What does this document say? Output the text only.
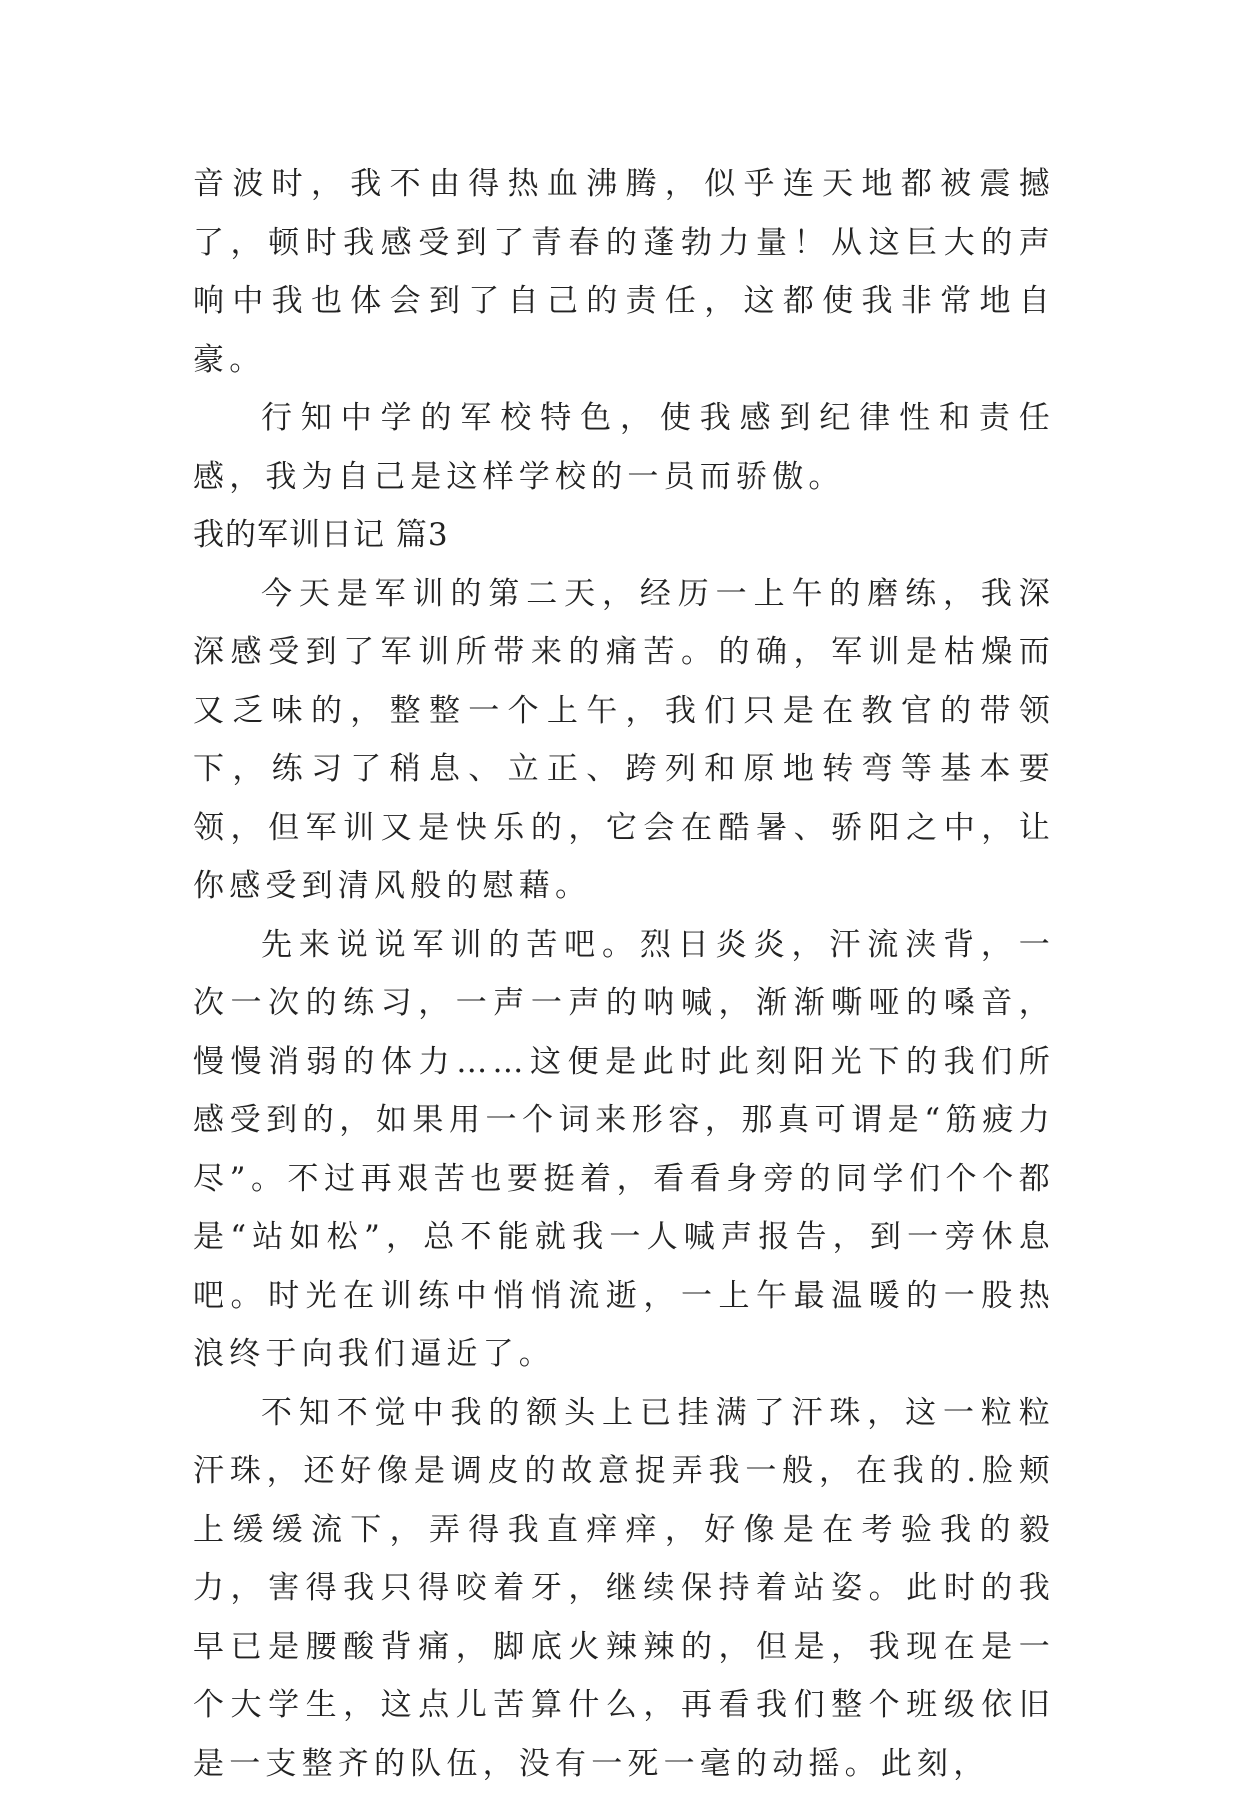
音波时，我不由得热血沸腾，似乎连天地都被震撼了，顿时我感受到了青春的蓬勃力量！从这巨大的声响中我也体会到了自己的责任，这都使我非常地自豪。

行知中学的军校特色，使我感到纪律性和责任感，我为自己是这样学校的一员而骄傲。

我的军训日记 篇3

今天是军训的第二天，经历一上午的磨练，我深深感受到了军训所带来的痛苦。的确，军训是枯燥而又乏味的，整整一个上午，我们只是在教官的带领下，练习了稍息、立正、跨列和原地转弯等基本要领，但军训又是快乐的，它会在酷暑、骄阳之中，让你感受到清风般的慰藉。

先来说说军训的苦吧。烈日炎炎，汗流浃背，一次一次的练习，一声一声的呐喊，渐渐嘶哑的嗓音，慢慢消弱的体力……这便是此时此刻阳光下的我们所感受到的，如果用一个词来形容，那真可谓是“筋疲力尽”。不过再艰苦也要挺着，看看身旁的同学们个个都是“站如松”，总不能就我一人喊声报告，到一旁休息吧。时光在训练中悄悄流逝，一上午最温暖的一股热浪终于向我们逼近了。

不知不觉中我的额头上已挂满了汗珠，这一粒粒汗珠，还好像是调皮的故意捉弄我一般，在我的.脸颊上缓缓流下，弄得我直痒痒，好像是在考验我的毅力，害得我只得咬着牙，继续保持着站姿。此时的我早已是腰酸背痛，脚底火辣辣的，但是，我现在是一个大学生，这点儿苦算什么，再看我们整个班级依旧是一支整齐的队伍，没有一死一毫的动摇。此刻，
